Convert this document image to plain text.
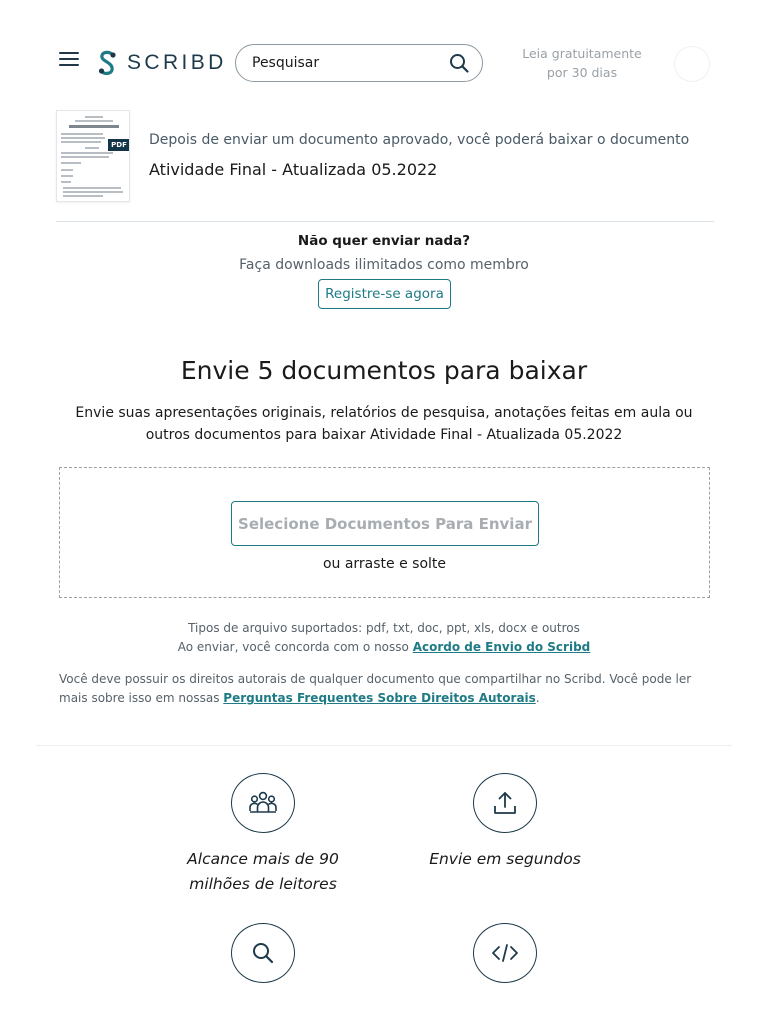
SCRIBD
Pesquisar	Leia gratuitamente
por 30 dias
PDF Depois de enviar um documento aprovado, você poderá baixar o documento
Atividade Final - Atualizada 05.2022
Não quer enviar nada?
Faça downloads ilimitados como membro
Registre-se agora
Envie 5 documentos para baixar
Envie suas apresentações originais, relatórios de pesquisa, anotações feitas em aula ou outros documentos para baixar Atividade Final - Atualizada 05.2022
Selecione Documentos Para Enviar
ou arraste e solte
Tipos de arquivo suportados: pdf, txt, doc, ppt, xls, docx e outros
Ao enviar, você concorda com o nosso Acordo de Envio do Scribd
Você deve possuir os direitos autorais de qualquer documento que compartilhar no Scribd. Você pode ler mais sobre isso em nossas Perguntas Frequentes Sobre Direitos Autorais.
Alcance mais de 90
milhões de leitores
Envie em segundos
